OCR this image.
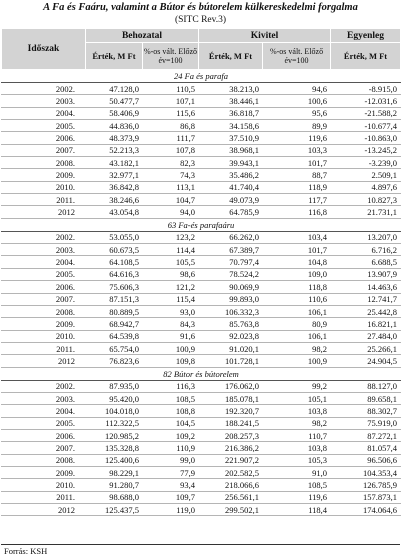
A Fa és Faáru, valamint a Bútor és bútorelem külkereskedelmi forgalma
(SITC Rev.3)
Időszak	Behozatal		Kivitel		Egyenleg
	Érték, M Ft	%-os vált. Előző év=100	Érték, M Ft	%-os vált. Előző év=100	Érték, M Ft
24 Fa és parafa					
2002.	47.128,0	110,5	38.213,0	94,6	-8.915,0
2003.	50.477,7	107,1	38.446,1	100,6	-12.031,6
2004.	58.406,9	115,6	36.818,7	95,6	-21.588,2
2005.	44.836,0	86,8	34.158,6	89,9	-10.677,4
2006.	48.373,9	111,7	37.510,9	119,6	-10.863,0
2007.	52.213,3	107,8	38.968,1	103,3	-13.245,2
2008.	43.182,1	82,3	39.943,1	101,7	-3.239,0
2009.	32.977,1	74,3	35.486,2	88,7	2.509,1
2010.	36.842,8	113,1	41.740,4	118,9	4.897,6
2011.	38.246,6	104,7	49.073,9	117,7	10.827,3
2012	43.054,8	94,0	64.785,9	116,8	21.731,1
63 Fa-és parafaáru					
2002.	53.055,0	123,2	66.262,0	103,4	13.207,0
2003.	60.673,5	114,4	67.389,7	101,7	6.716,2
2004.	64.108,5	105,5	70.797,4	104,8	6.688,5
2005.	64.616,3	98,6	78.524,2	109,0	13.907,9
2006.	75.606,3	121,2	90.069,9	118,8	14.463,6
2007.	87.151,3	115,4	99.893,0	110,6	12.741,7
2008.	80.889,5	93,0	106.332,3	106,1	25.442,8
2009.	68.942,7	84,3	85.763,8	80,9	16.821,1
2010.	64.539,8	91,6	92.023,8	106,1	27.484,0
2011.	65.754,0	100,9	91.020,1	98,2	25.266,1
2012	76.823,6	109,8	101.728,1	100,9	24.904,5
82 Bútor és bútorelem					
2002.	87.935,0	116,3	176.062,0	99,2	88.127,0
2003.	95.420,0	108,5	185.078,1	105,1	89.658,1
2004.	104.018,0	108,8	192.320,7	103,8	88.302,7
2005.	112.322,5	104,5	188.241,5	98,2	75.919,0
2006.	120.985,2	109,2	208.257,3	110,7	87.272,1
2007.	135.328,8	110,9	216.386,2	103,8	81.057,4
2008.	125.400,6	99,0	221.907,2	105,3	96.506,6
2009.	98.229,1	77,9	202.582,5	91,0	104.353,4
2010.	91.280,7	93,4	218.066,6	108,5	126.785,9
2011.	98.688,0	109,7	256.561,1	119,6	157.873,1
2012	125.437,5	119,0	299.502,1	118,4	174.064,6
Forrás: KSH
